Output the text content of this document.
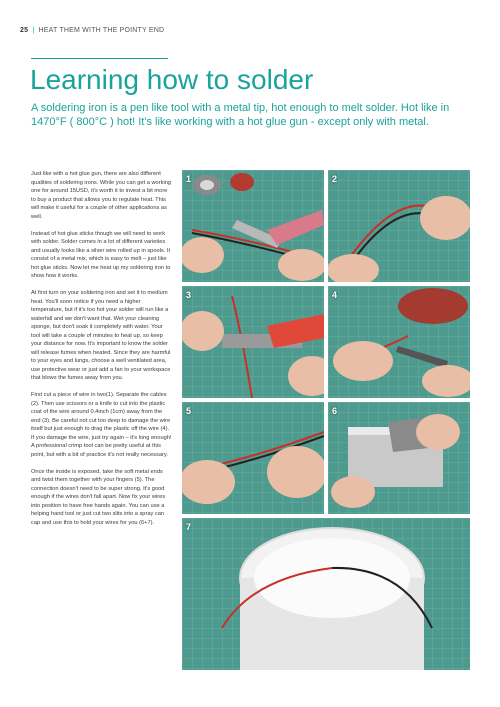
25 | HEAT THEM WITH THE POINTY END
Learning how to solder

A soldering iron is a pen like tool with a metal tip, hot enough to melt solder. Hot like in 1470°F ( 800°C ) hot! It's like working with a hot glue gun - except only with metal.

Just like with a hot glue gun, there are also different qualities of soldering irons. While you can get a working one for around 15USD, it's worth it to invest a bit more to buy a product that allows you to regulate heat. This will make it useful for a couple of other applications as well.

Instead of hot glue sticks though we will need to work with solder. Solder comes in a lot of different varieties and usually looks like a silver wire rolled up in spools. It consist of a metal mix, which is easy to melt – just like hot glue sticks. Now let me heat up my soldering iron to show how it works.

At first turn on your soldering iron and set it to medium heat. You'll soon notice if you need a higher temperature, but if it's too hot your solder will run like a waterfall and we don't want that. Wet your cleaning sponge, but don't soak it completely with water. Your tool will take a couple of minutes to heat up, so keep your distance for now. It's important to know the solder will release fumes when heated. Since they are harmful to your eyes and lungs, choose a well ventilated area, use protective wear or just add a fan to your workspace that blows the fumes away from you.

First cut a piece of wire in two(1). Separate the cables (2). Then use scissors or a knife to cut into the plastic coat of the wire around 0.4inch (1cm) away from the end (3). Be careful not cut too deep to damage the wire itself but just enough to drag the plastic off the wire (4). If you damage the wire, just try again – it's long enough! A professional crimp tool can be pretty useful at this point, but with a bit of practice it's not really necessary.

Once the inside is exposed, take the soft metal ends and twist them together with your fingers (5). The connection doesn't need to be super strong. It's good enough if the wires don't fall apart. Now fix your wires into position to have free hands again. You can use a helping hand tool or just cut two slits into a spray can cap and use this to hold your wires for you (6+7).

1	2
3	4
5	6
7
